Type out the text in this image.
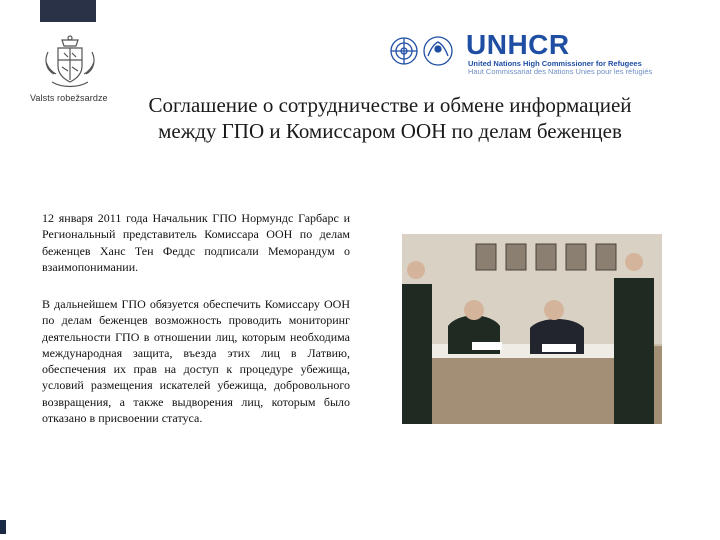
Valsts robežsardze
UNHCR
United Nations High Commissioner for Refugees
Haut Commissariat des Nations Unies pour les réfugiés
Соглашение о сотрудничестве и обмене информацией между ГПО и Комиссаром ООН по делам беженцев
12 января 2011 года Начальник ГПО Нормундс Гарбарс и Региональный представитель Комиссара ООН по делам беженцев Ханс Тен Феддс подписали Меморандум о взаимопонимании.
В дальнейшем ГПО обязуется обеспечить Комиссару ООН по делам беженцев возможность проводить мониторинг деятельности ГПО в отношении лиц, которым необходима международная защита, въезда этих лиц в Латвию, обеспечения их прав на доступ к процедуре убежища, условий размещения искателей убежища, добровольного возвращения, а также выдворения лиц, которым было отказано в присвоении статуса.
